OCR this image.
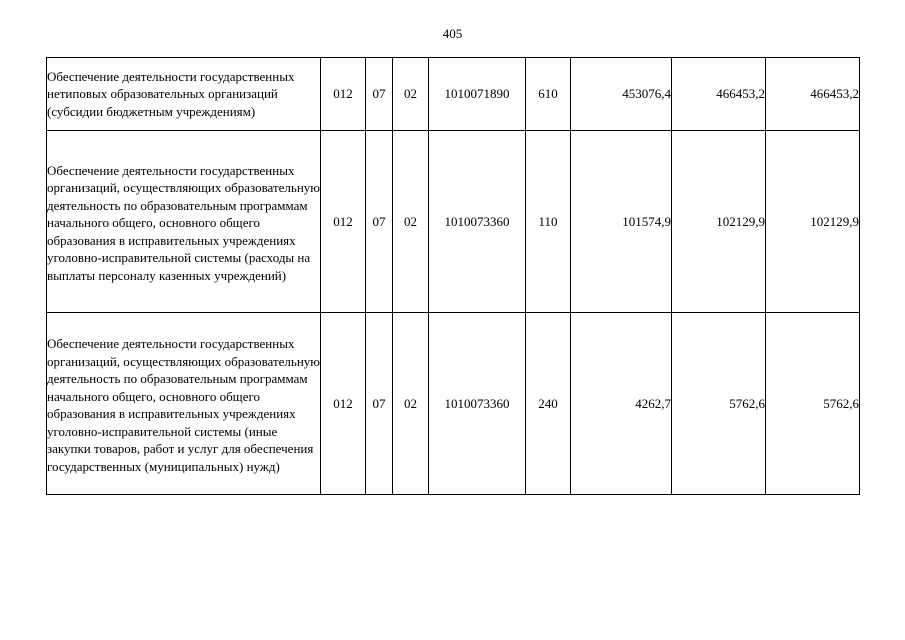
405
Обеспечение деятельности государственных нетиповых образовательных организаций (субсидии бюджетным учреждениям)	012	07	02	1010071890	610	453076,4	466453,2	466453,2
Обеспечение деятельности государственных организаций, осуществляющих образовательную деятельность по образовательным программам начального общего, основного общего образования в исправительных учреждениях уголовно-исправительной системы (расходы на выплаты персоналу казенных учреждений)	012	07	02	1010073360	110	101574,9	102129,9	102129,9
Обеспечение деятельности государственных организаций, осуществляющих образовательную деятельность по образовательным программам начального общего, основного общего образования в исправительных учреждениях уголовно-исправительной системы (иные закупки товаров, работ и услуг для обеспечения государственных (муниципальных) нужд)	012	07	02	1010073360	240	4262,7	5762,6	5762,6
